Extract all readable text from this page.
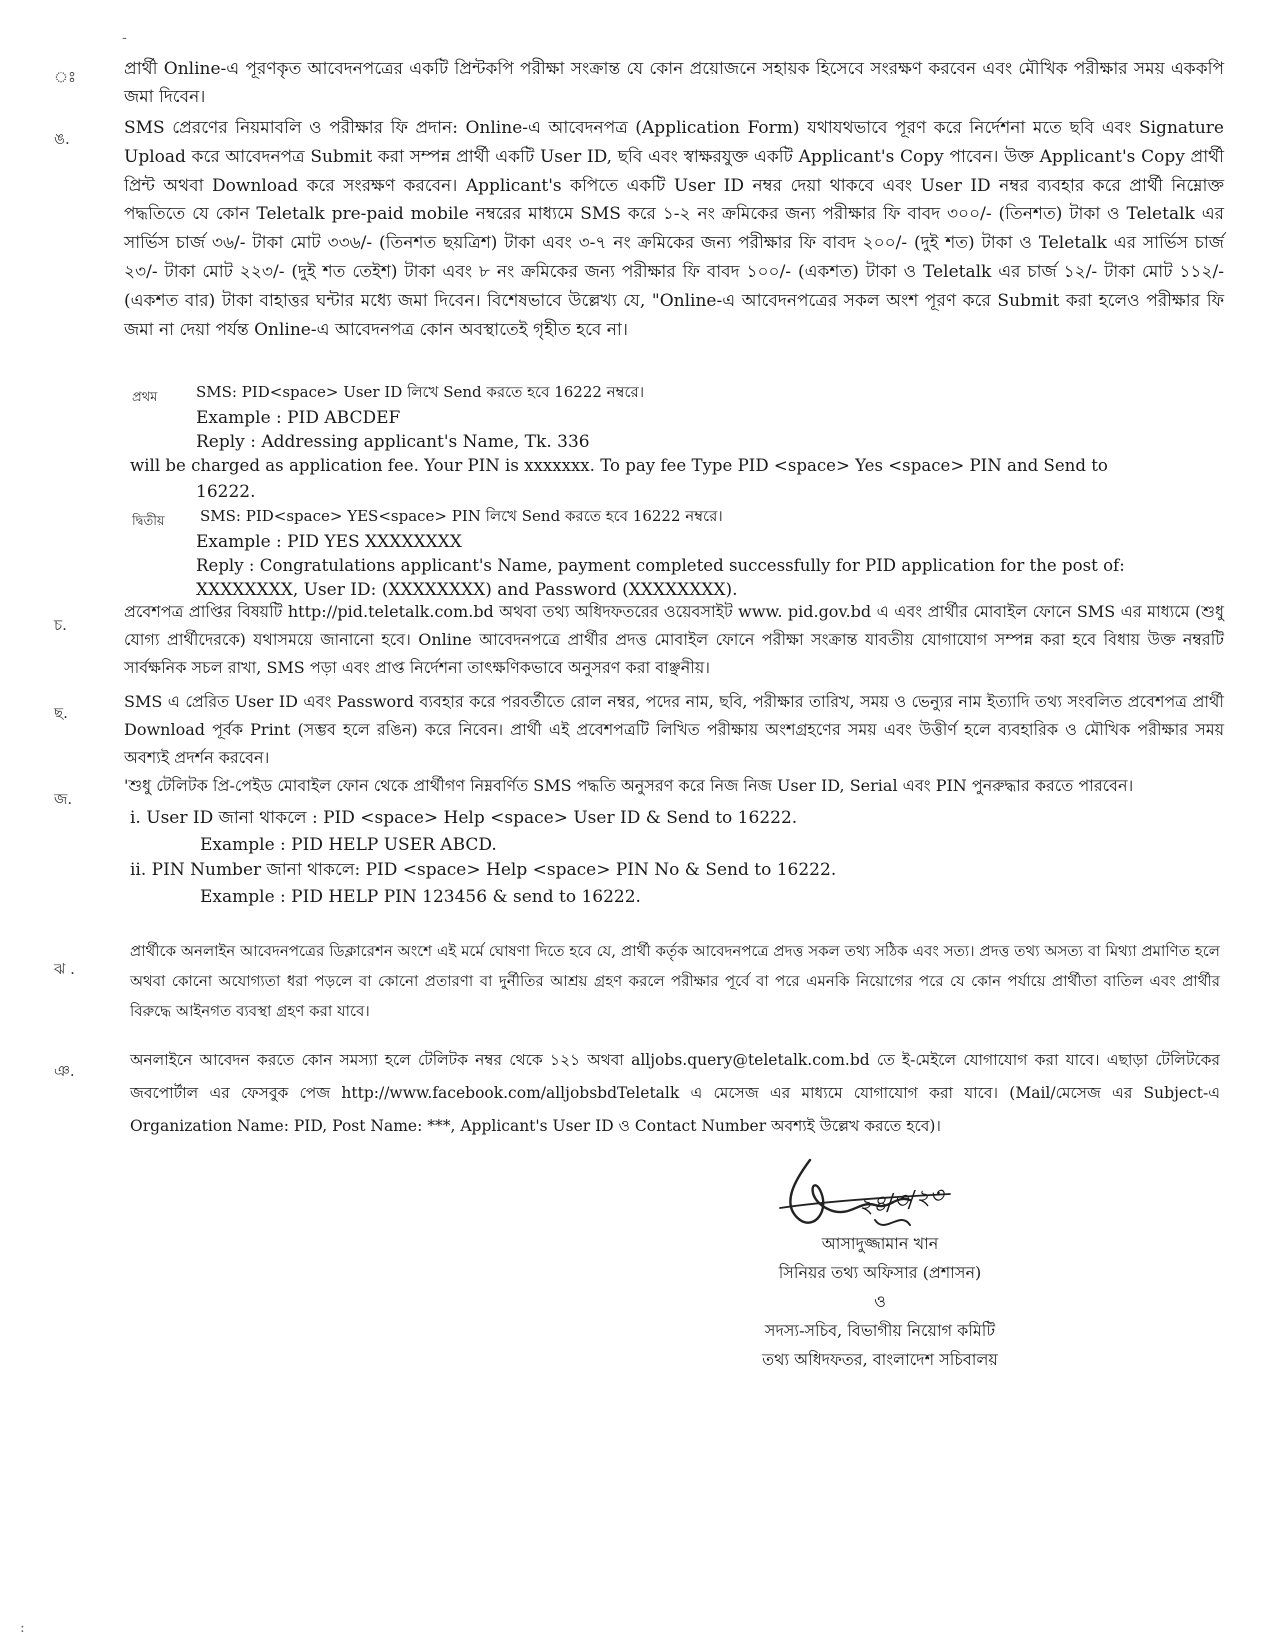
-
ঃ	প্রার্থী Online-এ পূরণকৃত আবেদনপত্রের একটি প্রিন্টকপি পরীক্ষা সংক্রান্ত যে কোন প্রয়োজনে সহায়ক হিসেবে সংরক্ষণ করবেন এবং মৌখিক পরীক্ষার সময় এককপি জমা দিবেন।
ঙ.
SMS প্রেরণের নিয়মাবলি ও পরীক্ষার ফি প্রদান: Online-এ আবেদনপত্র (Application Form) যথাযথভাবে পূরণ করে নির্দেশনা মতে ছবি এবং Signature Upload করে আবেদনপত্র Submit করা সম্পন্ন প্রার্থী একটি User ID, ছবি এবং স্বাক্ষরযুক্ত একটি Applicant's Copy পাবেন। উক্ত Applicant's Copy প্রার্থী প্রিন্ট অথবা Download করে সংরক্ষণ করবেন। Applicant's কপিতে একটি User ID নম্বর দেয়া থাকবে এবং User ID নম্বর ব্যবহার করে প্রার্থী নিম্নোক্ত পদ্ধতিতে যে কোন Teletalk pre-paid mobile নম্বরের মাধ্যমে SMS করে ১-২ নং ক্রমিকের জন্য পরীক্ষার ফি বাবদ ৩০০/- (তিনশত) টাকা ও Teletalk এর সার্ভিস চার্জ ৩৬/- টাকা মোট ৩৩৬/- (তিনশত ছয়ত্রিশ) টাকা এবং ৩-৭ নং ক্রমিকের জন্য পরীক্ষার ফি বাবদ ২০০/- (দুই শত) টাকা ও Teletalk এর সার্ভিস চার্জ ২৩/- টাকা মোট ২২৩/- (দুই শত তেইশ) টাকা এবং ৮ নং ক্রমিকের জন্য পরীক্ষার ফি বাবদ ১০০/- (একশত) টাকা ও Teletalk এর চার্জ ১২/- টাকা মোট ১১২/- (একশত বার) টাকা বাহাত্তর ঘন্টার মধ্যে জমা দিবেন। বিশেষভাবে উল্লেখ্য যে, "Online-এ আবেদনপত্রের সকল অংশ পূরণ করে Submit করা হলেও পরীক্ষার ফি জমা না দেয়া পর্যন্ত Online-এ আবেদনপত্র কোন অবস্থাতেই গৃহীত হবে না।
প্রথম	SMS: PID<space> User ID লিখে Send করতে হবে 16222 নম্বরে।
Example : PID ABCDEF
Reply : Addressing applicant's Name, Tk. 336
will be charged as application fee. Your PIN is xxxxxxx. To pay fee Type PID <space> Yes <space> PIN and Send to
16222.
দ্বিতীয় SMS: PID<space> YES<space> PIN লিখে Send করতে হবে 16222 নম্বরে।
Example : PID YES XXXXXXXX
Reply : Congratulations applicant's Name, payment completed successfully for PID application for the post of:
XXXXXXXX, User ID: (XXXXXXXX) and Password (XXXXXXXX).
চ.
প্রবেশপত্র প্রাপ্তির বিষয়টি http://pid.teletalk.com.bd অথবা তথ্য অধিদফতরের ওয়েবসাইট www. pid.gov.bd এ এবং প্রার্থীর মোবাইল ফোনে SMS এর মাধ্যমে (শুধু যোগ্য প্রার্থীদেরকে) যথাসময়ে জানানো হবে। Online আবেদনপত্রে প্রার্থীর প্রদত্ত মোবাইল ফোনে পরীক্ষা সংক্রান্ত যাবতীয় যোগাযোগ সম্পন্ন করা হবে বিধায় উক্ত নম্বরটি সার্বক্ষনিক সচল রাখা, SMS পড়া এবং প্রাপ্ত নির্দেশনা তাৎক্ষণিকভাবে অনুসরণ করা বাঞ্ছনীয়।
ছ.
SMS এ প্রেরিত User ID এবং Password ব্যবহার করে পরবর্তীতে রোল নম্বর, পদের নাম, ছবি, পরীক্ষার তারিখ, সময় ও ভেন্যুর নাম ইত্যাদি তথ্য সংবলিত প্রবেশপত্র প্রার্থী Download পূর্বক Print (সম্ভব হলে রঙিন) করে নিবেন। প্রার্থী এই প্রবেশপত্রটি লিখিত পরীক্ষায় অংশগ্রহণের সময় এবং উত্তীর্ণ হলে ব্যবহারিক ও মৌখিক পরীক্ষার সময় অবশ্যই প্রদর্শন করবেন।
জ.
'শুধু টেলিটক প্রি-পেইড মোবাইল ফোন থেকে প্রার্থীগণ নিম্নবর্ণিত SMS পদ্ধতি অনুসরণ করে নিজ নিজ User ID, Serial এবং PIN পুনরুদ্ধার করতে পারবেন।
i. User ID জানা থাকলে : PID <space> Help <space> User ID & Send to 16222.
Example : PID HELP USER ABCD.
ii. PIN Number জানা থাকলে: PID <space> Help <space> PIN No & Send to 16222.
Example : PID HELP PIN 123456 & send to 16222.
ঝ .
প্রার্থীকে অনলাইন আবেদনপত্রের ডিক্লারেশন অংশে এই মর্মে ঘোষণা দিতে হবে যে, প্রার্থী কর্তৃক আবেদনপত্রে প্রদত্ত সকল তথ্য সঠিক এবং সত্য। প্রদত্ত তথ্য অসত্য বা মিথ্যা প্রমাণিত হলে অথবা কোনো অযোগ্যতা ধরা পড়লে বা কোনো প্রতারণা বা দুর্নীতির আশ্রয় গ্রহণ করলে পরীক্ষার পূর্বে বা পরে এমনকি নিয়োগের পরে যে কোন পর্যায়ে প্রার্থীতা বাতিল এবং প্রার্থীর বিরুদ্ধে আইনগত ব্যবস্থা গ্রহণ করা যাবে।
ঞ.
অনলাইনে আবেদন করতে কোন সমস্যা হলে টেলিটক নম্বর থেকে ১২১ অথবা alljobs.query@teletalk.com.bd তে ই-মেইলে যোগাযোগ করা যাবে। এছাড়া টেলিটকের জবপোর্টাল এর ফেসবুক পেজ http://www.facebook.com/alljobsbdTeletalk এ মেসেজ এর মাধ্যমে যোগাযোগ করা যাবে। (Mail/মেসেজ এর Subject-এ Organization Name: PID, Post Name: ***, Applicant's User ID ও Contact Number অবশ্যই উল্লেখ করতে হবে)।
২৪/৩/২৩
আসাদুজ্জামান খান
সিনিয়র তথ্য অফিসার (প্রশাসন)
ও
সদস্য-সচিব, বিভাগীয় নিয়োগ কমিটি
তথ্য অধিদফতর, বাংলাদেশ সচিবালয়
:
